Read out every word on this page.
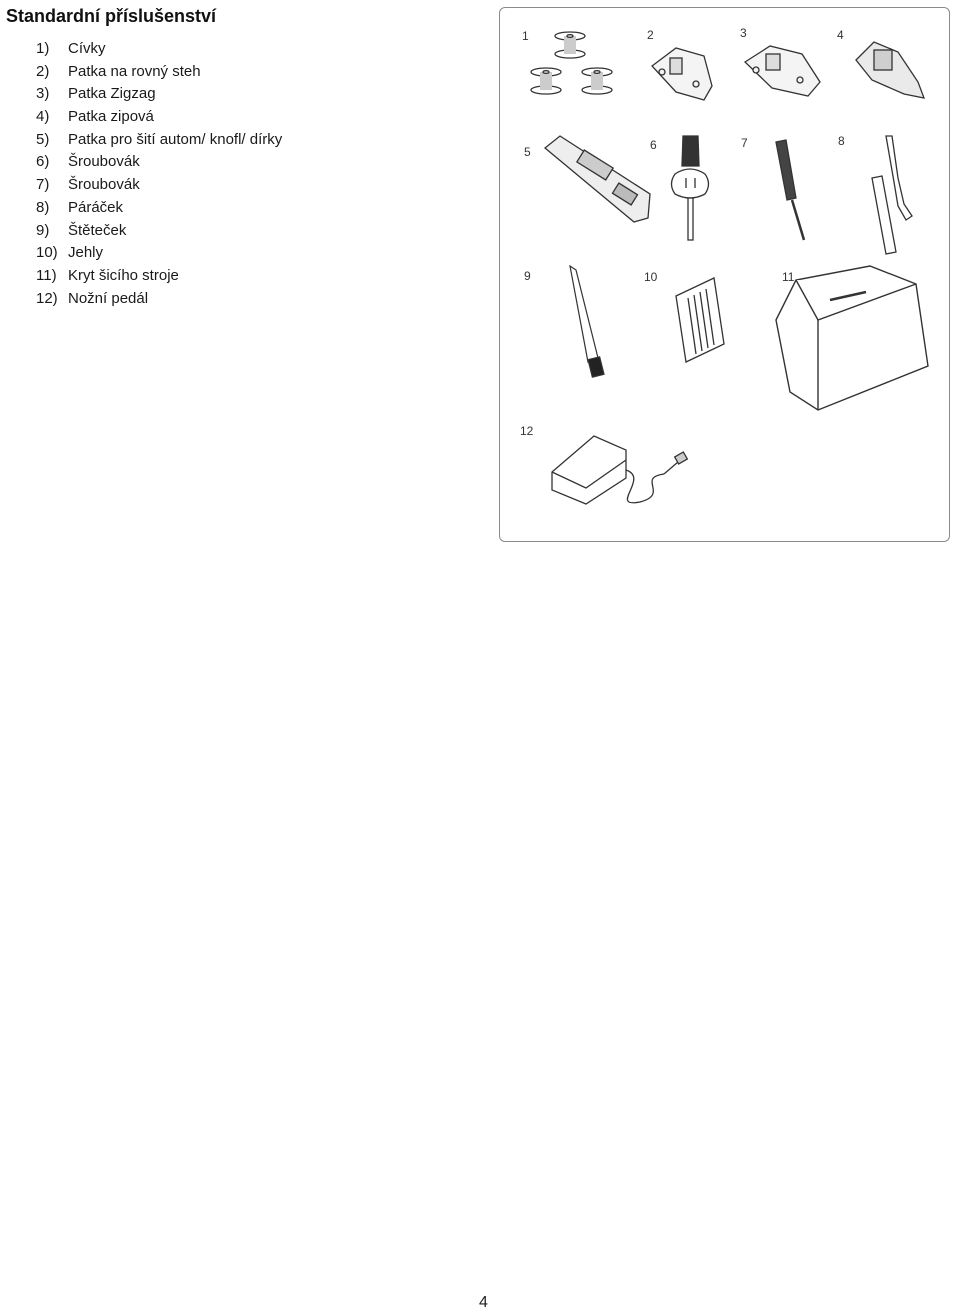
Standardní příslušenství
1) Cívky
2) Patka na rovný steh
3) Patka Zigzag
4) Patka zipová
5) Patka pro šití autom/ knofl/ dírky
6) Šroubovák
7) Šroubovák
8) Páráček
9) Štěteček
10) Jehly
11) Kryt šicího stroje
12) Nožní pedál
1	2	3	4
5	6	7	8
9	10	11
12
4
